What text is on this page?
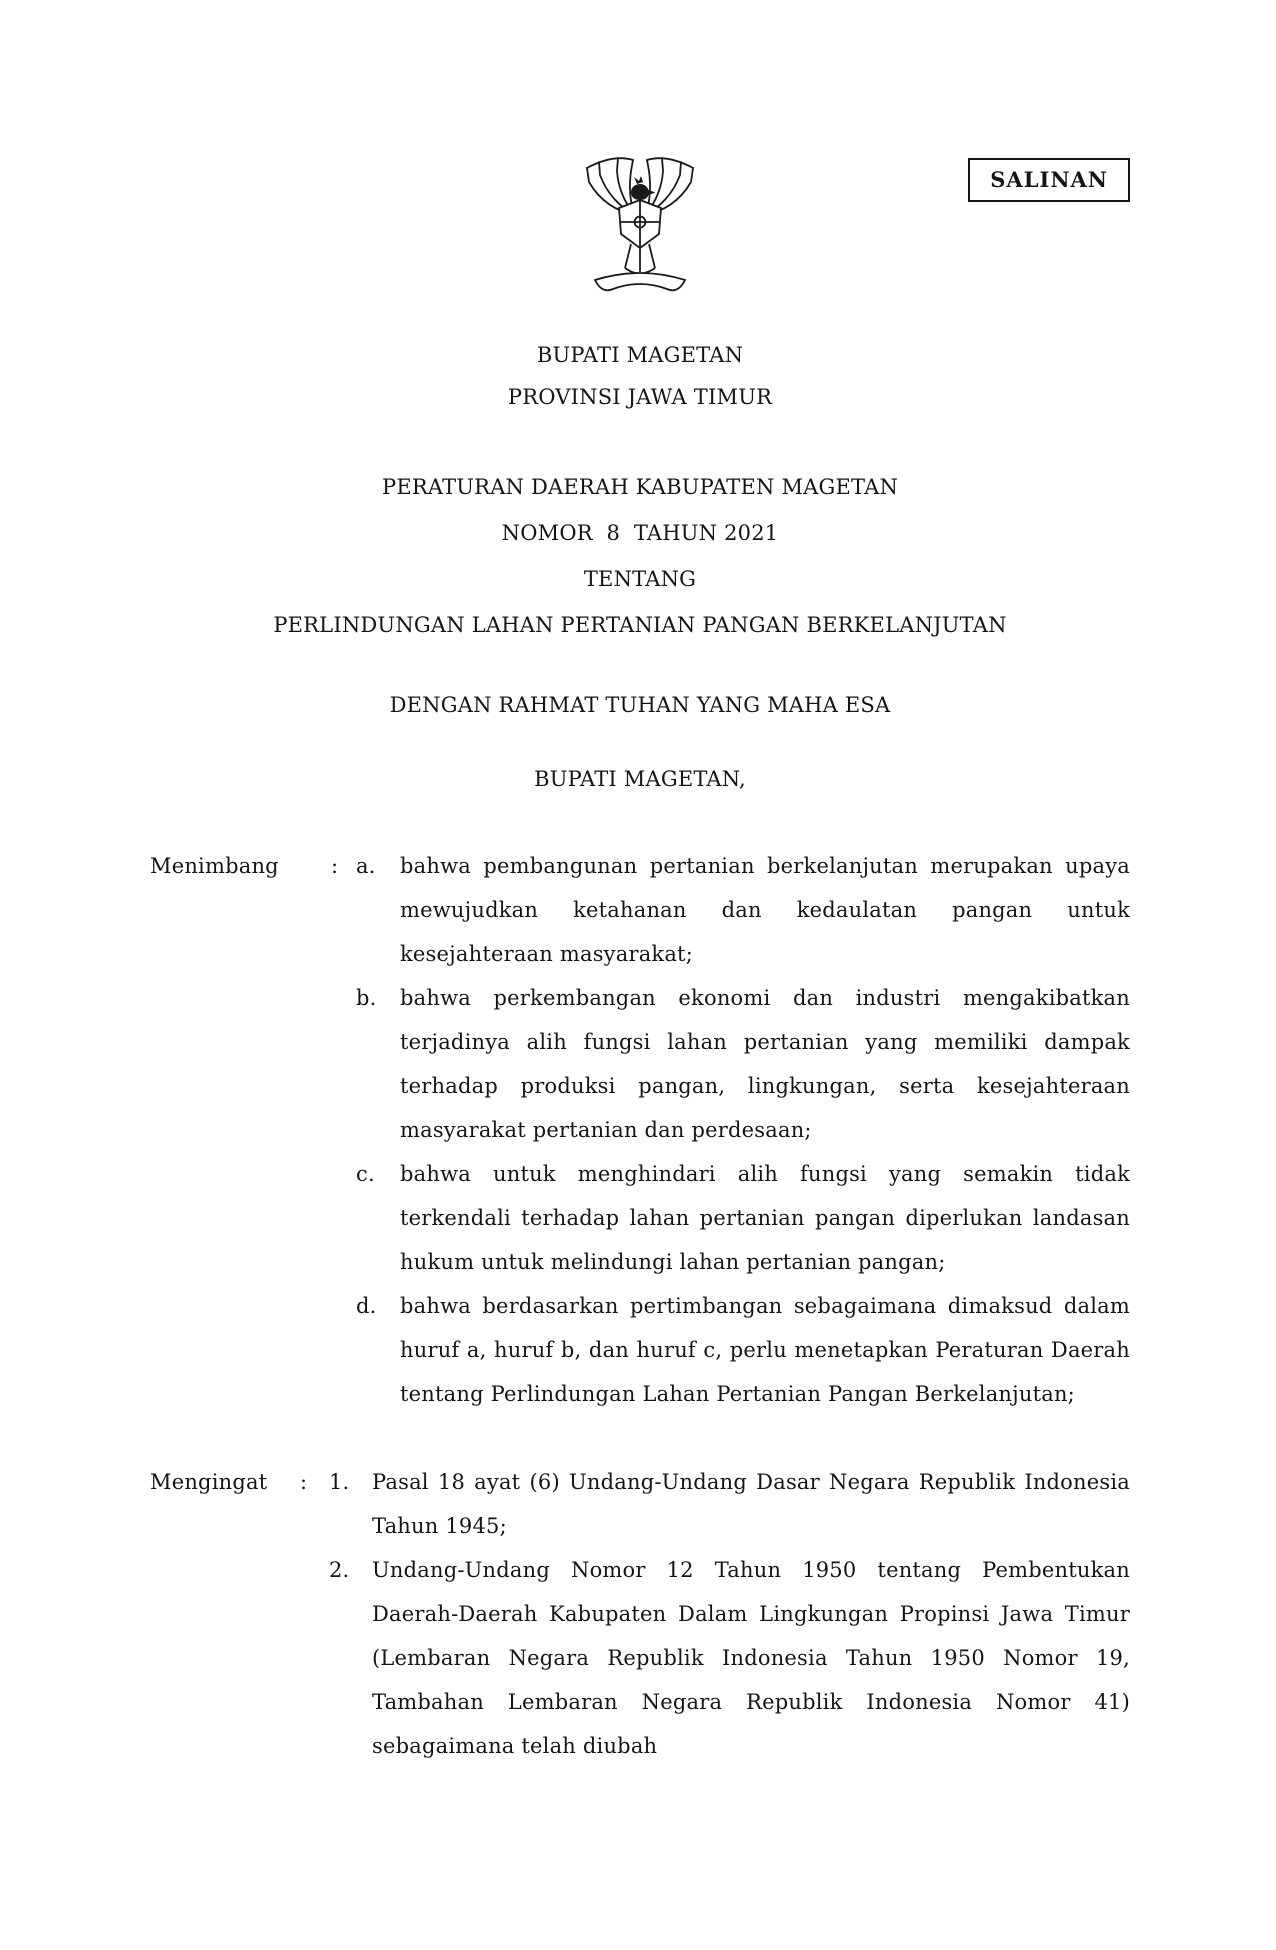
SALINAN
BUPATI MAGETAN
PROVINSI JAWA TIMUR
PERATURAN DAERAH KABUPATEN MAGETAN
NOMOR  8  TAHUN 2021
TENTANG
PERLINDUNGAN LAHAN PERTANIAN PANGAN BERKELANJUTAN
DENGAN RAHMAT TUHAN YANG MAHA ESA
BUPATI MAGETAN,
Menimbang	: a.	bahwa pembangunan pertanian berkelanjutan merupakan upaya mewujudkan ketahanan dan kedaulatan pangan untuk kesejahteraan masyarakat;
b.	bahwa perkembangan ekonomi dan industri mengakibatkan terjadinya alih fungsi lahan pertanian yang memiliki dampak terhadap produksi pangan, lingkungan, serta kesejahteraan masyarakat pertanian dan perdesaan;
c.	bahwa untuk menghindari alih fungsi yang semakin tidak terkendali terhadap lahan pertanian pangan diperlukan landasan hukum untuk melindungi lahan pertanian pangan;
d.	bahwa berdasarkan pertimbangan sebagaimana dimaksud dalam huruf a, huruf b, dan huruf c, perlu menetapkan Peraturan Daerah tentang Perlindungan Lahan Pertanian Pangan Berkelanjutan;
Mengingat	:	1.	Pasal 18 ayat (6) Undang-Undang Dasar Negara Republik Indonesia Tahun 1945;
2.	Undang-Undang Nomor 12 Tahun 1950 tentang Pembentukan Daerah-Daerah Kabupaten Dalam Lingkungan Propinsi Jawa Timur (Lembaran Negara Republik Indonesia Tahun 1950 Nomor 19, Tambahan Lembaran Negara Republik Indonesia Nomor 41) sebagaimana telah diubah
